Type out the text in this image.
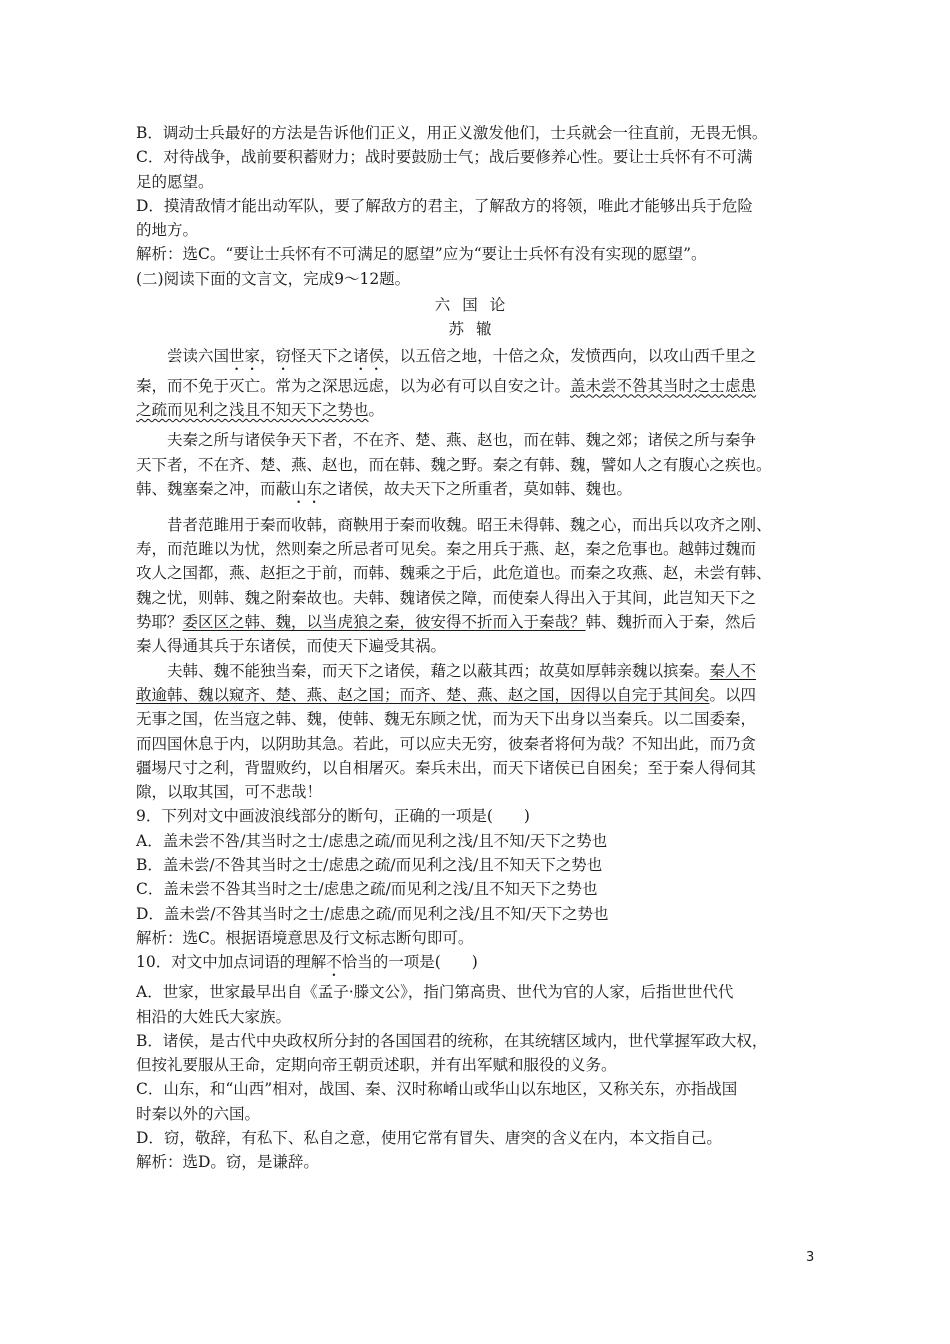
B．调动士兵最好的方法是告诉他们正义，用正义激发他们，士兵就会一往直前，无畏无惧。
C．对待战争，战前要积蓄财力；战时要鼓励士气；战后要修养心性。要让士兵怀有不可满
足的愿望。
D．摸清敌情才能出动军队，要了解敌方的君主，了解敌方的将领，唯此才能够出兵于危险
的地方。
解析：选C。“要让士兵怀有不可满足的愿望”应为“要让士兵怀有没有实现的愿望”。
(二)阅读下面的文言文，完成9～12题。
六国论
苏辙
尝读六国世家，窃怪天下之诸侯，以五倍之地，十倍之众，发愤西向，以攻山西千里之
秦，而不免于灭亡。常为之深思远虑，以为必有可以自安之计。盖未尝不咎其当时之士虑患
之疏而见利之浅且不知天下之势也。
夫秦之所与诸侯争天下者，不在齐、楚、燕、赵也，而在韩、魏之郊；诸侯之所与秦争
天下者，不在齐、楚、燕、赵也，而在韩、魏之野。秦之有韩、魏，譬如人之有腹心之疾也。
韩、魏塞秦之冲，而蔽山东之诸侯，故夫天下之所重者，莫如韩、魏也。
昔者范雎用于秦而收韩，商鞅用于秦而收魏。昭王未得韩、魏之心，而出兵以攻齐之刚、
寿，而范雎以为忧，然则秦之所忌者可见矣。秦之用兵于燕、赵，秦之危事也。越韩过魏而
攻人之国都，燕、赵拒之于前，而韩、魏乘之于后，此危道也。而秦之攻燕、赵，未尝有韩、
魏之忧，则韩、魏之附秦故也。夫韩、魏诸侯之障，而使秦人得出入于其间，此岂知天下之
势耶？委区区之韩、魏，以当虎狼之秦，彼安得不折而入于秦哉？韩、魏折而入于秦，然后
秦人得通其兵于东诸侯，而使天下遍受其祸。
夫韩、魏不能独当秦，而天下之诸侯，藉之以蔽其西；故莫如厚韩亲魏以摈秦。秦人不
敢逾韩、魏以窥齐、楚、燕、赵之国；而齐、楚、燕、赵之国，因得以自完于其间矣。以四
无事之国，佐当寇之韩、魏，使韩、魏无东顾之忧，而为天下出身以当秦兵。以二国委秦，
而四国休息于内，以阴助其急。若此，可以应夫无穷，彼秦者将何为哉？不知出此，而乃贪
疆埸尺寸之利，背盟败约，以自相屠灭。秦兵未出，而天下诸侯已自困矣；至于秦人得伺其
隙，以取其国，可不悲哉！
9．下列对文中画波浪线部分的断句，正确的一项是(　　)
A．盖未尝不咎/其当时之士/虑患之疏/而见利之浅/且不知/天下之势也
B．盖未尝/不咎其当时之士/虑患之疏/而见利之浅/且不知天下之势也
C．盖未尝不咎其当时之士/虑患之疏/而见利之浅/且不知天下之势也
D．盖未尝/不咎其当时之士/虑患之疏/而见利之浅/且不知/天下之势也
解析：选C。根据语境意思及行文标志断句即可。
10．对文中加点词语的理解不恰当的一项是(　　)
A．世家，世家最早出自《孟子·滕文公》，指门第高贵、世代为官的人家，后指世世代代
相沿的大姓氏大家族。
B．诸侯，是古代中央政权所分封的各国国君的统称，在其统辖区域内，世代掌握军政大权，
但按礼要服从王命，定期向帝王朝贡述职，并有出军赋和服役的义务。
C．山东，和“山西”相对，战国、秦、汉时称崤山或华山以东地区，又称关东，亦指战国
时秦以外的六国。
D．窃，敬辞，有私下、私自之意，使用它常有冒失、唐突的含义在内，本文指自己。
解析：选D。窃，是谦辞。
3
